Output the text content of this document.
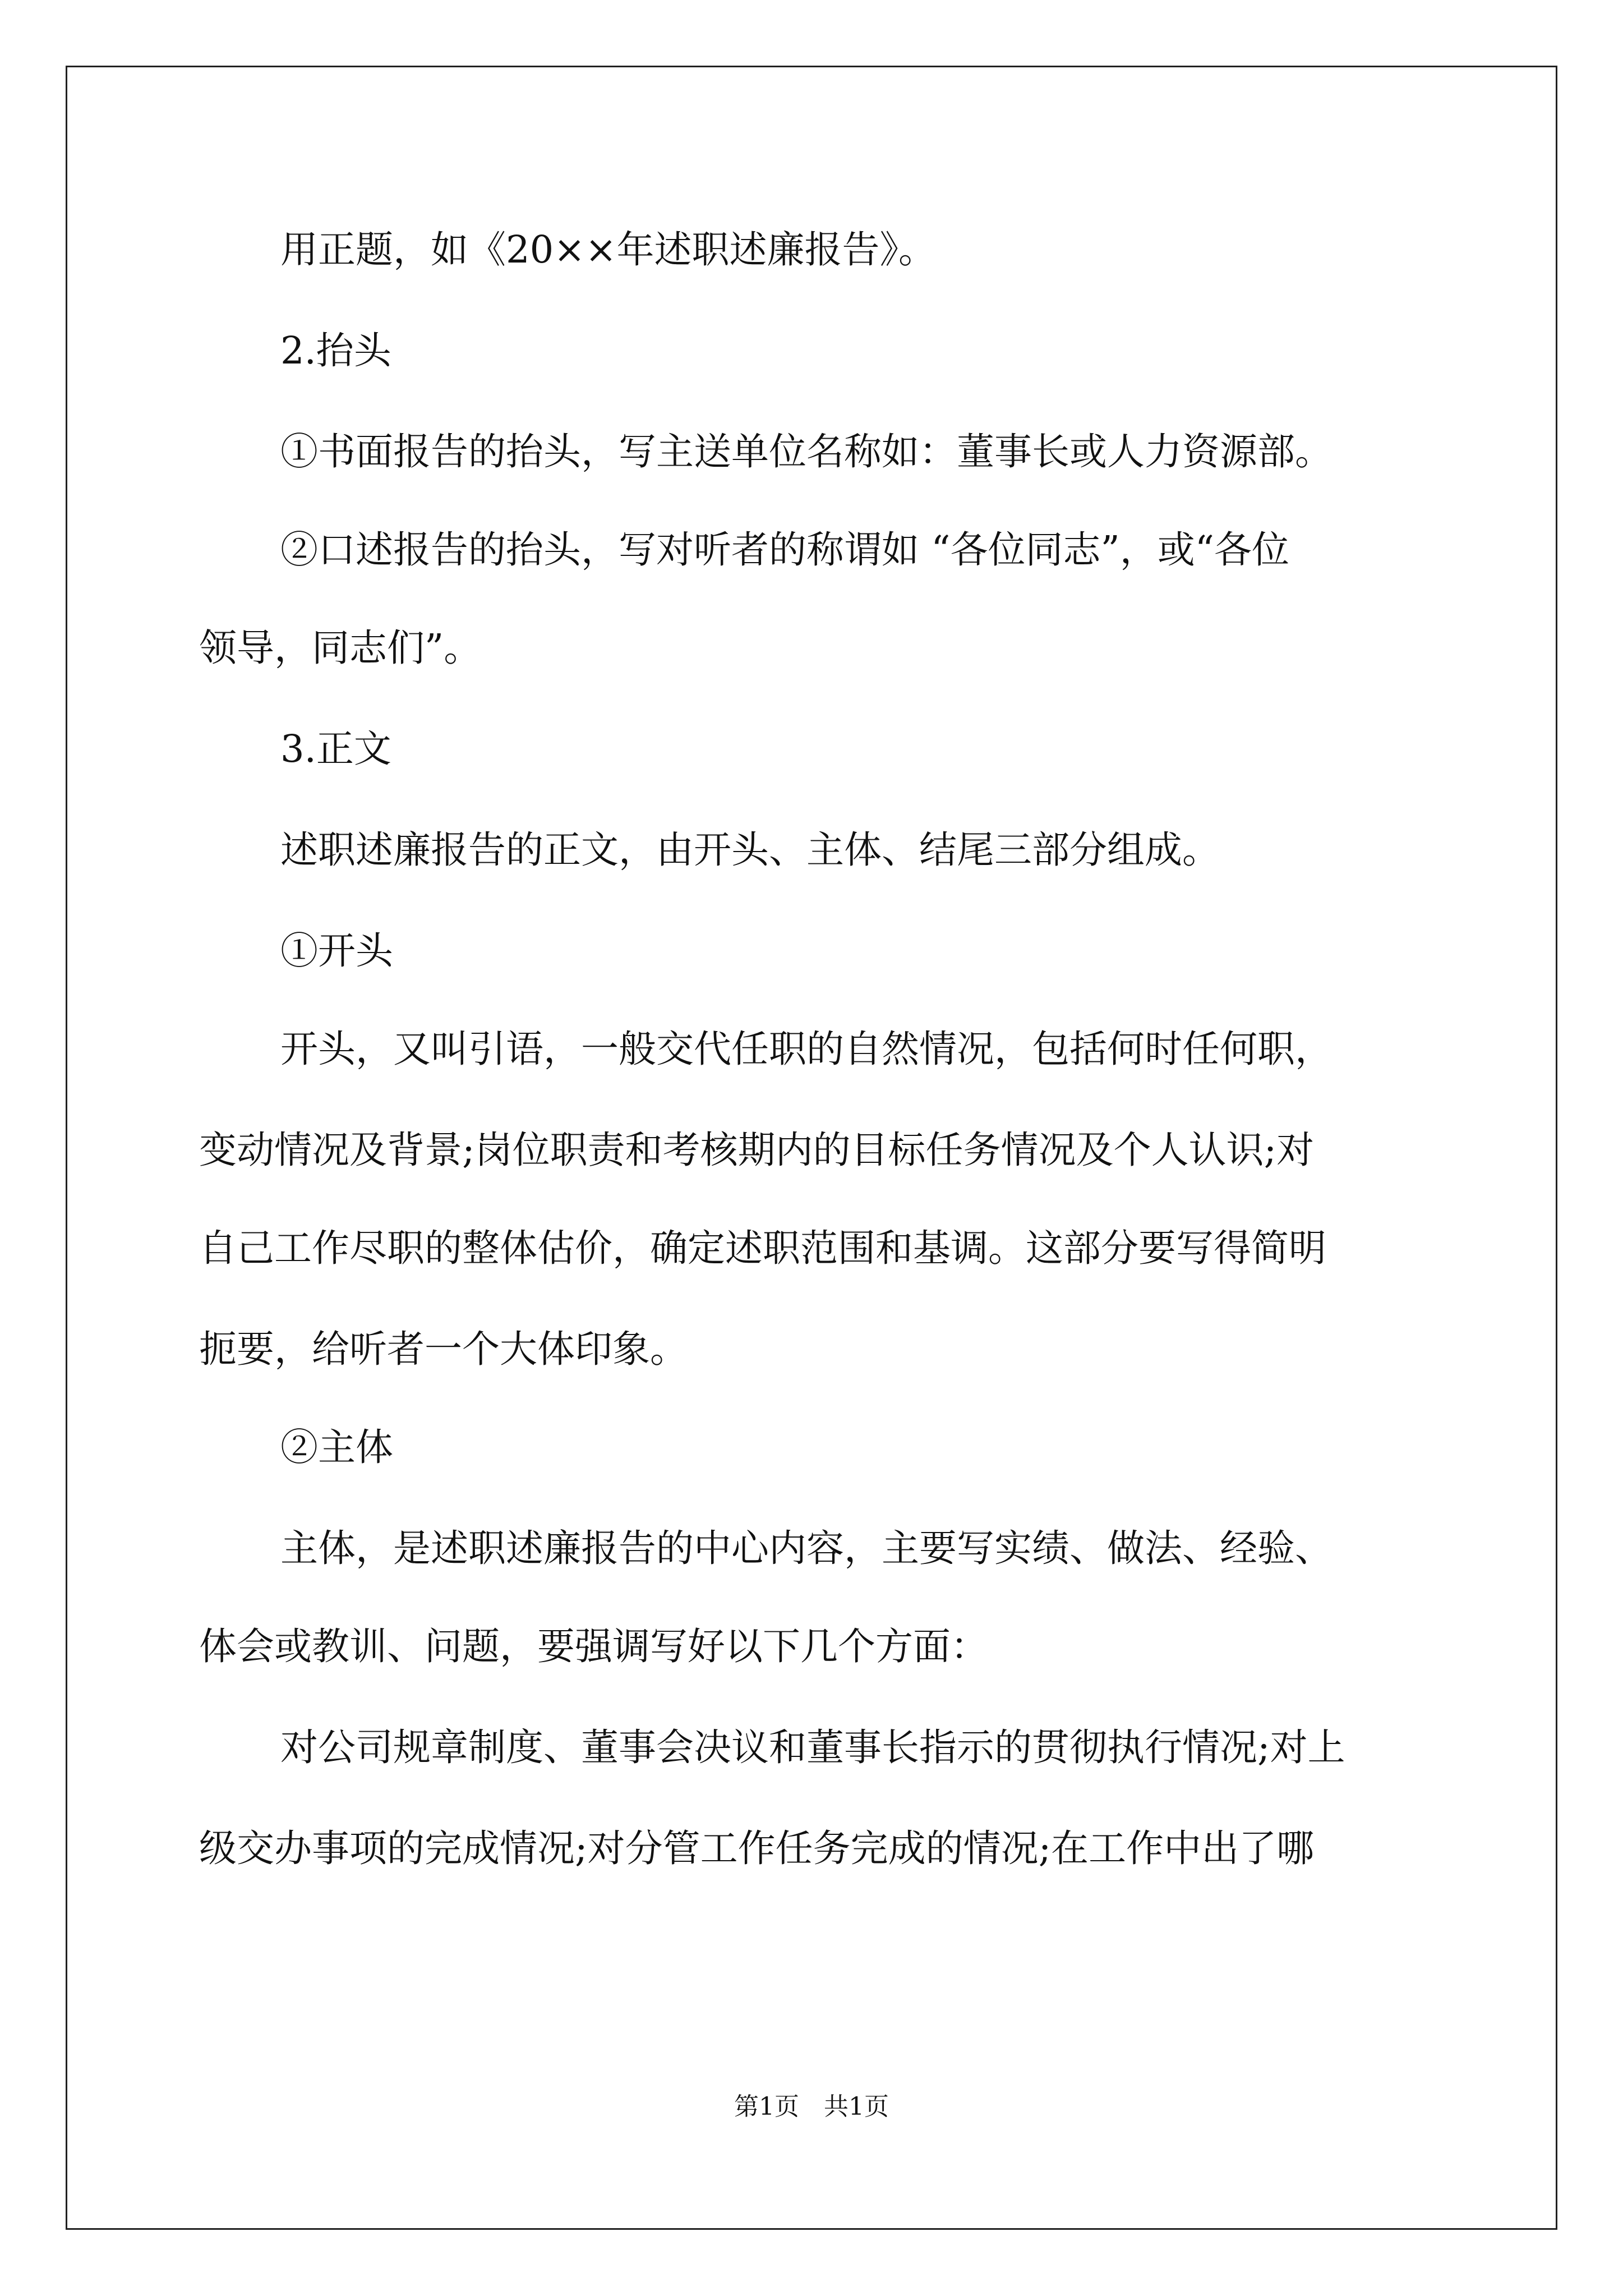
用正题，如《20××年述职述廉报告》。
2.抬头
①书面报告的抬头，写主送单位名称如：董事长或人力资源部。
②口述报告的抬头，写对听者的称谓如 “各位同志”，或“各位
领导，同志们”。
3.正文
述职述廉报告的正文，由开头、主体、结尾三部分组成。
①开头
开头，又叫引语，一般交代任职的自然情况，包括何时任何职，
变动情况及背景;岗位职责和考核期内的目标任务情况及个人认识;对
自己工作尽职的整体估价，确定述职范围和基调。这部分要写得简明
扼要，给听者一个大体印象。
②主体
主体，是述职述廉报告的中心内容，主要写实绩、做法、经验、
体会或教训、问题，要强调写好以下几个方面：
对公司规章制度、董事会决议和董事长指示的贯彻执行情况;对上
级交办事项的完成情况;对分管工作任务完成的情况;在工作中出了哪
第1页　共1页
